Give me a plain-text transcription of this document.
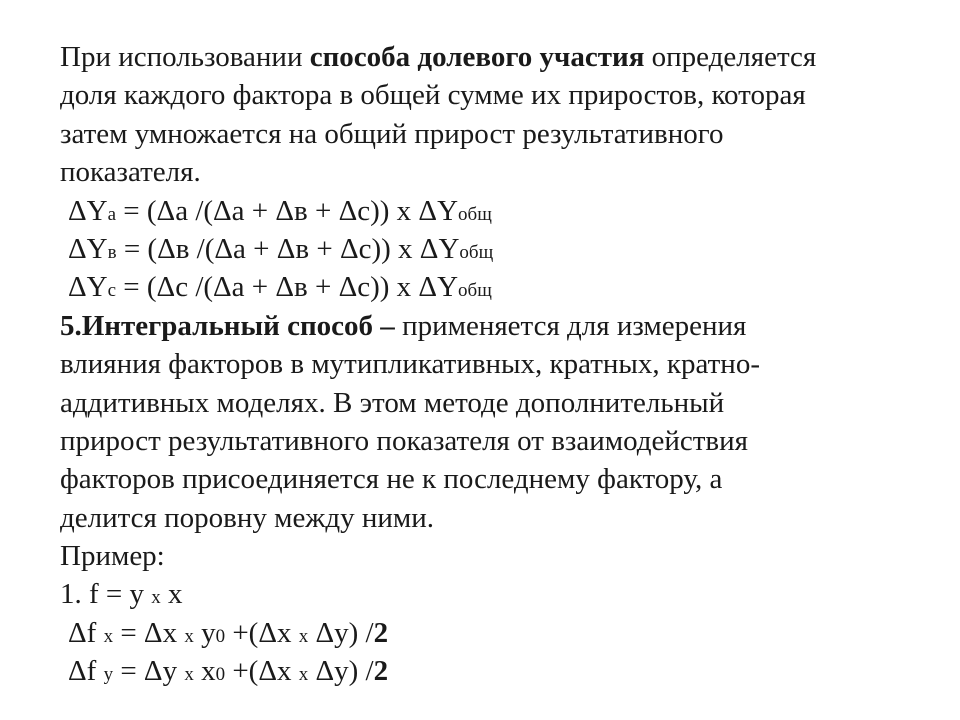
При использовании способа долевого участия определяется
доля каждого фактора в общей сумме их приростов, которая
затем умножается на общий прирост результативного
показателя.
ΔYа = (Δа /(Δа + Δв + Δс)) х ΔYобщ
ΔYв = (Δв /(Δа + Δв + Δс)) х ΔYобщ
ΔYс = (Δс /(Δа + Δв + Δс)) х ΔYобщ
5.Интегральный способ – применяется для измерения
влияния факторов в мутипликативных, кратных, кратно-
аддитивных моделях. В этом методе дополнительный
прирост результативного показателя от взаимодействия
факторов присоединяется не к последнему фактору, а
делится поровну между ними.
Пример:
1. f = y х x
Δf х = Δх х y0 +(Δх х Δy) /2
Δf у = Δy х х0 +(Δх х Δy) /2
